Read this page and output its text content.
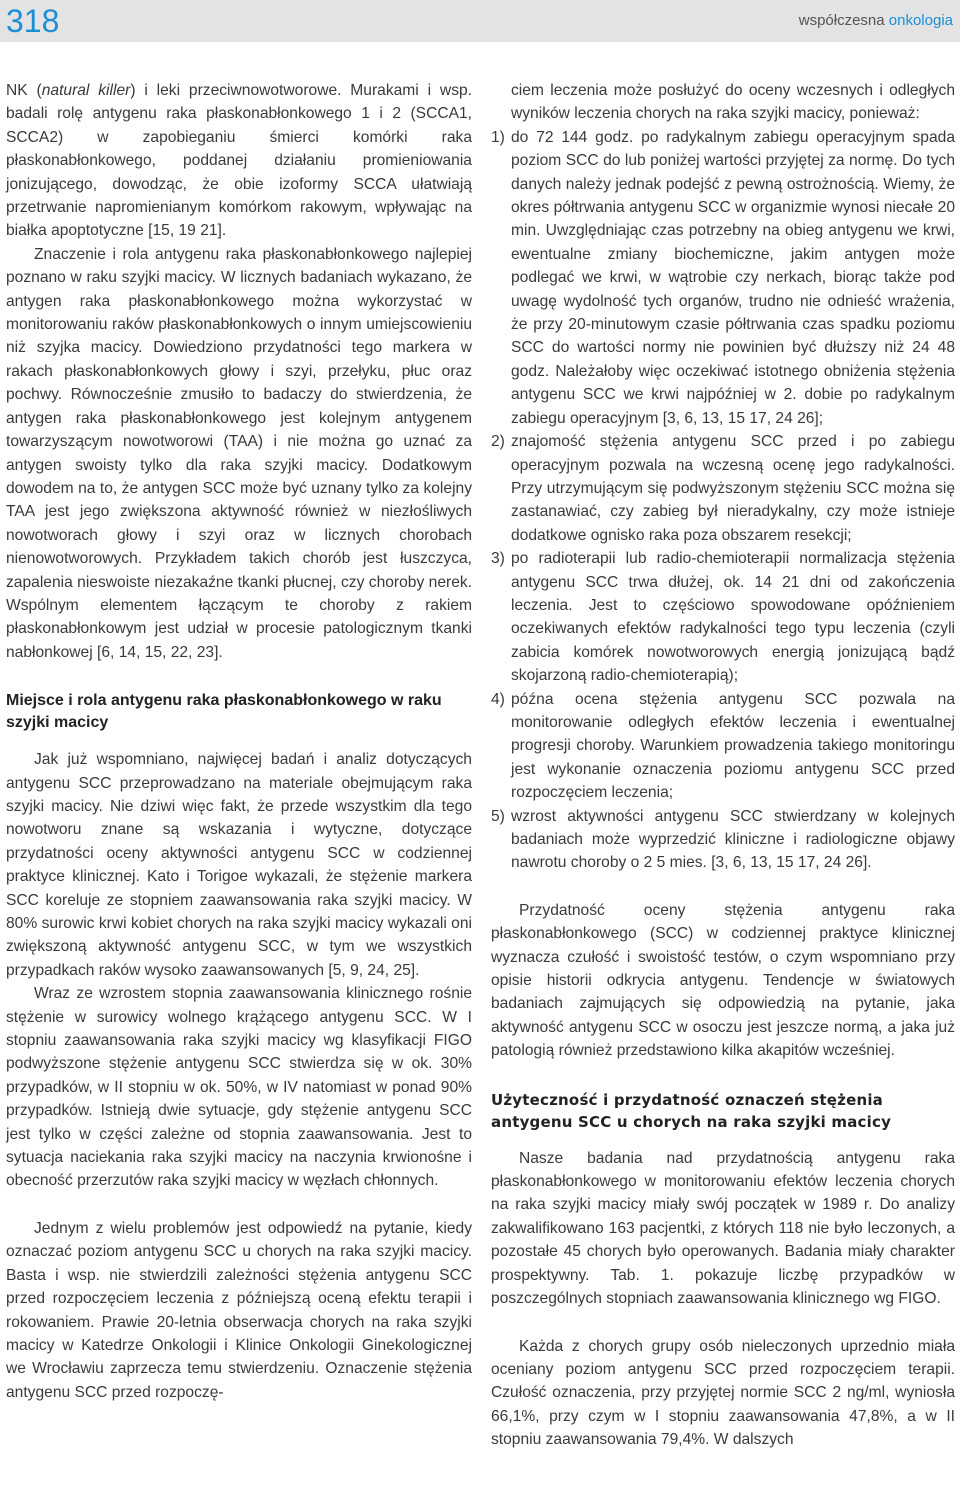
318	współczesna onkologia

NK (natural killer) i leki przeciwnowotworowe. Murakami i wsp. badali rolę antygenu raka płaskonabłonkowego 1 i 2 (SCCA1, SCCA2) w zapobieganiu śmierci komórki raka płaskonabłonkowego, poddanej działaniu promieniowania jonizującego, dowodząc, że obie izoformy SCCA ułatwiają przetrwanie napromienianym komórkom rakowym, wpływając na białka apoptotyczne [15, 19 21].

Znaczenie i rola antygenu raka płaskonabłonkowego najlepiej poznano w raku szyjki macicy. W licznych badaniach wykazano, że antygen raka płaskonabłonkowego można wykorzystać w monitorowaniu raków płaskonabłonkowych o innym umiejscowieniu niż szyjka macicy. Dowiedziono przydatności tego markera w rakach płaskonabłonkowych głowy i szyi, przełyku, płuc oraz pochwy. Równocześnie zmusiło to badaczy do stwierdzenia, że antygen raka płaskonabłonkowego jest kolejnym antygenem towarzyszącym nowotworowi (TAA) i nie można go uznać za antygen swoisty tylko dla raka szyjki macicy. Dodatkowym dowodem na to, że antygen SCC może być uznany tylko za kolejny TAA jest jego zwiększona aktywność również w niezłośliwych nowotworach głowy i szyi oraz w licznych chorobach nienowotworowych. Przykładem takich chorób jest łuszczyca, zapalenia nieswoiste niezakaźne tkanki płucnej, czy choroby nerek. Wspólnym elementem łączącym te choroby z rakiem płaskonabłonkowym jest udział w procesie patologicznym tkanki nabłonkowej [6, 14, 15, 22, 23].

Miejsce i rola antygenu raka płaskonabłonkowego w raku szyjki macicy

Jak już wspomniano, najwięcej badań i analiz dotyczących antygenu SCC przeprowadzano na materiale obejmującym raka szyjki macicy. Nie dziwi więc fakt, że przede wszystkim dla tego nowotworu znane są wskazania i wytyczne, dotyczące przydatności oceny aktywności antygenu SCC w codziennej praktyce klinicznej. Kato i Torigoe wykazali, że stężenie markera SCC koreluje ze stopniem zaawansowania raka szyjki macicy. W 80% surowic krwi kobiet chorych na raka szyjki macicy wykazali oni zwiększoną aktywność antygenu SCC, w tym we wszystkich przypadkach raków wysoko zaawansowanych [5, 9, 24, 25].

Wraz ze wzrostem stopnia zaawansowania klinicznego rośnie stężenie w surowicy wolnego krążącego antygenu SCC. W I stopniu zaawansowania raka szyjki macicy wg klasyfikacji FIGO podwyższone stężenie antygenu SCC stwierdza się w ok. 30% przypadków, w II stopniu w ok. 50%, w IV natomiast w ponad 90% przypadków. Istnieją dwie sytuacje, gdy stężenie antygenu SCC jest tylko w części zależne od stopnia zaawansowania. Jest to sytuacja naciekania raka szyjki macicy na naczynia krwionośne i obecność przerzutów raka szyjki macicy w węzłach chłonnych.

Jednym z wielu problemów jest odpowiedź na pytanie, kiedy oznaczać poziom antygenu SCC u chorych na raka szyjki macicy. Basta i wsp. nie stwierdzili zależności stężenia antygenu SCC przed rozpoczęciem leczenia z późniejszą oceną efektu terapii i rokowaniem. Prawie 20-letnia obserwacja chorych na raka szyjki macicy w Katedrze Onkologii i Klinice Onkologii Ginekologicznej we Wrocławiu zaprzecza temu stwierdzeniu. Oznaczenie stężenia antygenu SCC przed rozpoczę-

ciem leczenia może posłużyć do oceny wczesnych i odległych wyników leczenia chorych na raka szyjki macicy, ponieważ:

1) do 72 144 godz. po radykalnym zabiegu operacyjnym spada poziom SCC do lub poniżej wartości przyjętej za normę. Do tych danych należy jednak podejść z pewną ostrożnością. Wiemy, że okres półtrwania antygenu SCC w organizmie wynosi niecałe 20 min. Uwzględniając czas potrzebny na obieg antygenu we krwi, ewentualne zmiany biochemiczne, jakim antygen może podlegać we krwi, w wątrobie czy nerkach, biorąc także pod uwagę wydolność tych organów, trudno nie odnieść wrażenia, że przy 20-minutowym czasie półtrwania czas spadku poziomu SCC do wartości normy nie powinien być dłuższy niż 24 48 godz. Należałoby więc oczekiwać istotnego obniżenia stężenia antygenu SCC we krwi najpóźniej w 2. dobie po radykalnym zabiegu operacyjnym [3, 6, 13, 15 17, 24 26];
2) znajomość stężenia antygenu SCC przed i po zabiegu operacyjnym pozwala na wczesną ocenę jego radykalności. Przy utrzymującym się podwyższonym stężeniu SCC można się zastanawiać, czy zabieg był nieradykalny, czy może istnieje dodatkowe ognisko raka poza obszarem resekcji;
3) po radioterapii lub radio-chemioterapii normalizacja stężenia antygenu SCC trwa dłużej, ok. 14 21 dni od zakończenia leczenia. Jest to częściowo spowodowane opóźnieniem oczekiwanych efektów radykalności tego typu leczenia (czyli zabicia komórek nowotworowych energią jonizującą bądź skojarzoną radio-chemioterapią);
4) późna ocena stężenia antygenu SCC pozwala na monitorowanie odległych efektów leczenia i ewentualnej progresji choroby. Warunkiem prowadzenia takiego monitoringu jest wykonanie oznaczenia poziomu antygenu SCC przed rozpoczęciem leczenia;
5) wzrost aktywności antygenu SCC stwierdzany w kolejnych badaniach może wyprzedzić kliniczne i radiologiczne objawy nawrotu choroby o 2 5 mies. [3, 6, 13, 15 17, 24 26].

Przydatność oceny stężenia antygenu raka płaskonabłonkowego (SCC) w codziennej praktyce klinicznej wyznacza czułość i swoistość testów, o czym wspomniano przy opisie historii odkrycia antygenu. Tendencje w światowych badaniach zajmujących się odpowiedzią na pytanie, jaka aktywność antygenu SCC w osoczu jest jeszcze normą, a jaka już patologią również przedstawiono kilka akapitów wcześniej.

Użyteczność i przydatność oznaczeń stężenia antygenu SCC u chorych na raka szyjki macicy

Nasze badania nad przydatnością antygenu raka płaskonabłonkowego w monitorowaniu efektów leczenia chorych na raka szyjki macicy miały swój początek w 1989 r. Do analizy zakwalifikowano 163 pacjentki, z których 118 nie było leczonych, a pozostałe 45 chorych było operowanych. Badania miały charakter prospektywny. Tab. 1. pokazuje liczbę przypadków w poszczególnych stopniach zaawansowania klinicznego wg FIGO.

Każda z chorych grupy osób nieleczonych uprzednio miała oceniany poziom antygenu SCC przed rozpoczęciem terapii. Czułość oznaczenia, przy przyjętej normie SCC 2 ng/ml, wyniosła 66,1%, przy czym w I stopniu zaawansowania 47,8%, a w II stopniu zaawansowania 79,4%. W dalszych
